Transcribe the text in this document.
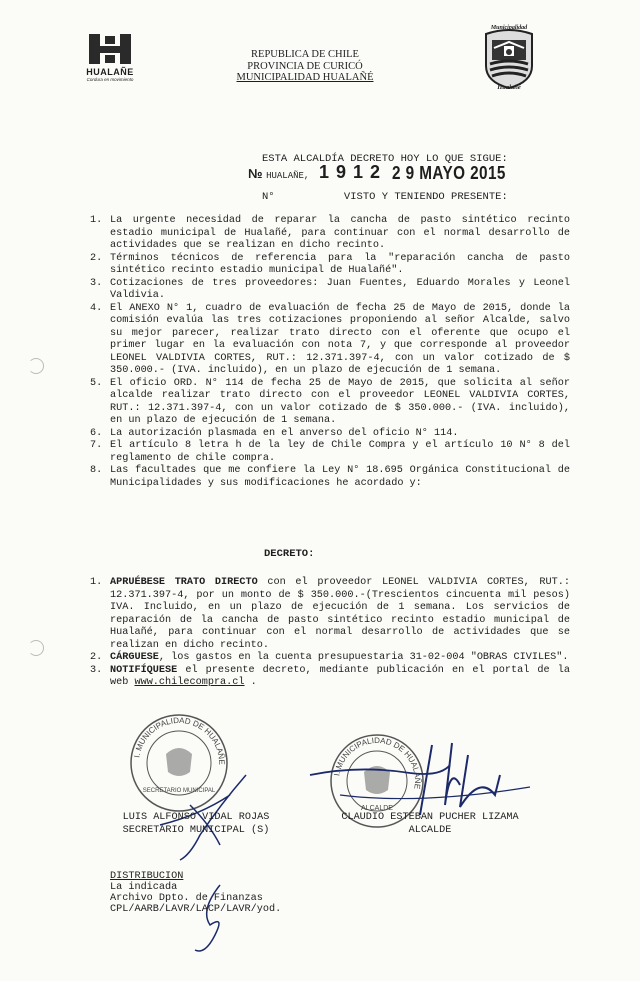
HUALAÑE
Cordura en movimiento
REPUBLICA DE CHILE
PROVINCIA DE CURICÓ
MUNICIPALIDAD HUALAÑÉ
Municipalidad
Hualañé

ESTA ALCALDÍA DECRETO HOY LO QUE SIGUE:

N°           VISTO Y TENIENDO PRESENTE:

№ HUALAÑE, 1 9 1 2 2 9 MAYO 2015
1. La urgente necesidad de reparar la cancha de pasto sintético recinto estadio municipal de Hualañé, para continuar con el normal desarrollo de actividades que se realizan en dicho recinto.
2. Términos técnicos de referencia para la "reparación cancha de pasto sintético recinto estadio municipal de Hualañé".
3. Cotizaciones de tres proveedores: Juan Fuentes, Eduardo Morales y Leonel Valdivia.
4. El ANEXO N° 1, cuadro de evaluación de fecha 25 de Mayo de 2015, donde la comisión evalúa las tres cotizaciones proponiendo al señor Alcalde, salvo su mejor parecer, realizar trato directo con el oferente que ocupo el primer lugar en la evaluación con nota 7, y que corresponde al proveedor LEONEL VALDIVIA CORTES, RUT.: 12.371.397-4, con un valor cotizado de $ 350.000.- (IVA. incluido), en un plazo de ejecución de 1 semana.
5. El oficio ORD. N° 114 de fecha 25 de Mayo de 2015, que solicita al señor alcalde realizar trato directo con el proveedor LEONEL VALDIVIA CORTES, RUT.: 12.371.397-4, con un valor cotizado de $ 350.000.- (IVA. incluido), en un plazo de ejecución de 1 semana.
6. La autorización plasmada en el anverso del oficio N° 114.
7. El artículo 8 letra h de la ley de Chile Compra y el artículo 10 N° 8 del reglamento de chile compra.
8. Las facultades que me confiere la Ley N° 18.695 Orgánica Constitucional de Municipalidades y sus modificaciones he acordado y:
DECRETO:
1. APRUÉBESE TRATO DIRECTO con el proveedor LEONEL VALDIVIA CORTES, RUT.: 12.371.397-4, por un monto de $ 350.000.-(Trescientos cincuenta mil pesos) IVA. Incluido, en un plazo de ejecución de 1 semana. Los servicios de reparación de la cancha de pasto sintético recinto estadio municipal de Hualañé, para continuar con el normal desarrollo de actividades que se realizan en dicho recinto.
2. CÁRGUESE, los gastos en la cuenta presupuestaria 31-02-004 "OBRAS CIVILES".
3. NOTIFÍQUESE el presente decreto, mediante publicación en el portal de la web www.chilecompra.cl .
I. MUNICIPALIDAD DE HUALAÑE
SECRETARIO MUNICIPAL
I. MUNICIPALIDAD DE HUALAÑE
ALCALDE
LUIS ALFONSO VIDAL ROJAS
SECRETARIO MUNICIPAL (S)
CLAUDIO ESTEBAN PUCHER LIZAMA
ALCALDE
DISTRIBUCION
La indicada
Archivo Dpto. de Finanzas
CPL/AARB/LAVR/LACP/LAVR/yod.
